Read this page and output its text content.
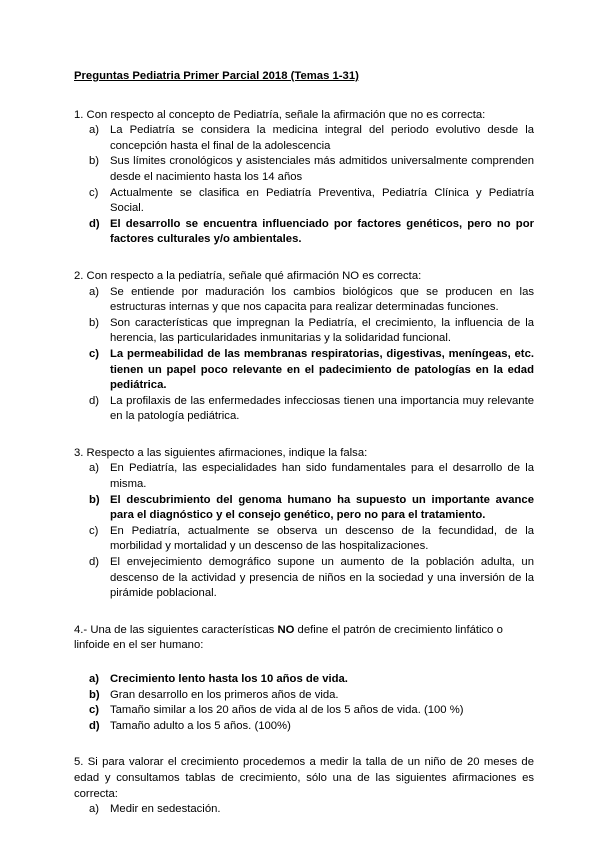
Preguntas Pediatria Primer Parcial 2018 (Temas 1-31)

1. Con respecto al concepto de Pediatría, señale la afirmación que no es correcta:

a) La Pediatría se considera la medicina integral del periodo evolutivo desde la concepción hasta el final de la adolescencia
b) Sus límites cronológicos y asistenciales más admitidos universalmente comprenden desde el nacimiento hasta los 14 años
c) Actualmente se clasifica en Pediatría Preventiva, Pediatría Clínica y Pediatría Social.
d) El desarrollo se encuentra influenciado por factores genéticos, pero no por factores culturales y/o ambientales.

2. Con respecto a la pediatría, señale qué afirmación NO es correcta:

a) Se entiende por maduración los cambios biológicos que se producen en las estructuras internas y que nos capacita para realizar determinadas funciones.
b) Son características que impregnan la Pediatría, el crecimiento, la influencia de la herencia, las particularidades inmunitarias y la solidaridad funcional.
c) La permeabilidad de las membranas respiratorias, digestivas, meníngeas, etc. tienen un papel poco relevante en el padecimiento de patologías en la edad pediátrica.
d) La profilaxis de las enfermedades infecciosas tienen una importancia muy relevante en la patología pediátrica.

3. Respecto a las siguientes afirmaciones, indique la falsa:

a) En Pediatría, las especialidades han sido fundamentales para el desarrollo de la misma.
b) El descubrimiento del genoma humano ha supuesto un importante avance para el diagnóstico y el consejo genético, pero no para el tratamiento.
c) En Pediatría, actualmente se observa un descenso de la fecundidad, de la morbilidad y mortalidad y un descenso de las hospitalizaciones.
d) El envejecimiento demográfico supone un aumento de la población adulta, un descenso de la actividad y presencia de niños en la sociedad y una inversión de la pirámide poblacional.

4.- Una de las siguientes características NO define el patrón de crecimiento linfático o linfoide en el ser humano:

a) Crecimiento lento hasta los 10 años de vida.
b) Gran desarrollo en los primeros años de vida.
c) Tamaño similar a los 20 años de vida al de los 5 años de vida. (100 %)
d) Tamaño adulto a los 5 años. (100%)

5. Si para valorar el crecimiento procedemos a medir la talla de un niño de 20 meses de edad y consultamos tablas de crecimiento, sólo una de las siguientes afirmaciones es correcta:

a) Medir en sedestación.
